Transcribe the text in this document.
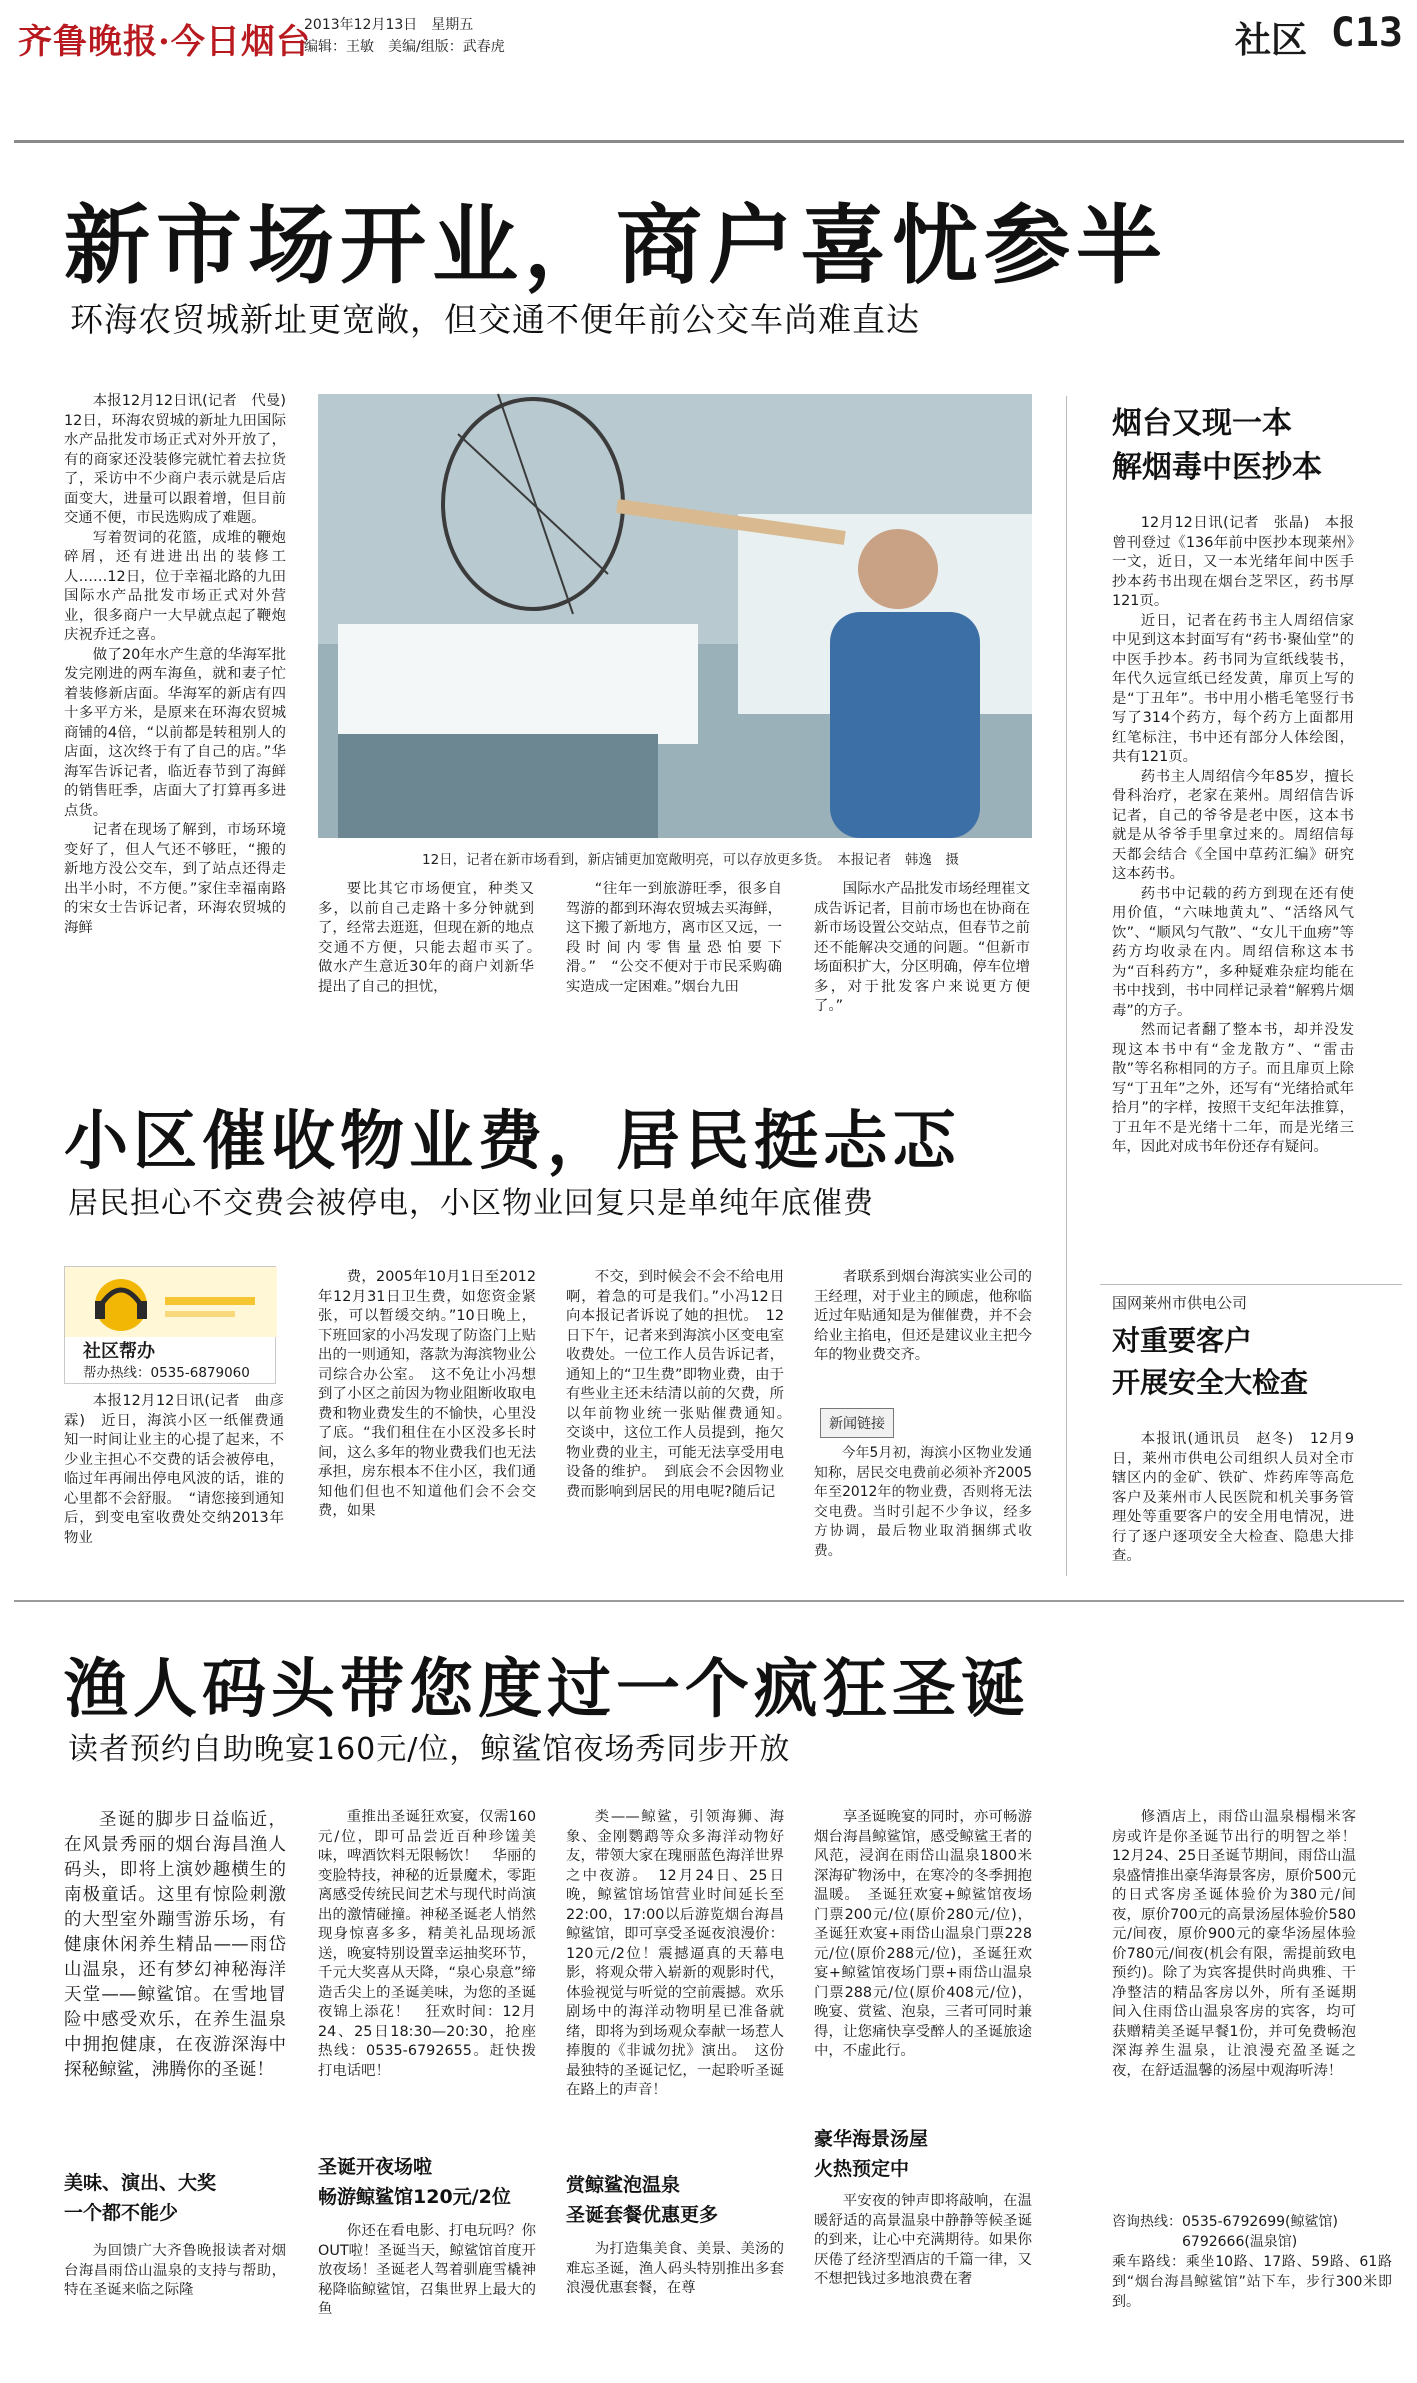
齐鲁晚报·今日烟台
2013年12月13日　星期五
编辑：王敏　美编/组版：武春虎	社区 C13
新市场开业，商户喜忧参半
环海农贸城新址更宽敞，但交通不便年前公交车尚难直达

本报12月12日讯(记者　代曼)　12日，环海农贸城的新址九田国际水产品批发市场正式对外开放了，有的商家还没装修完就忙着去拉货了，采访中不少商户表示就是后店面变大，进量可以跟着增，但目前交通不便，市民选购成了难题。

写着贺词的花篮，成堆的鞭炮碎屑，还有进进出出的装修工人……12日，位于幸福北路的九田国际水产品批发市场正式对外营业，很多商户一大早就点起了鞭炮庆祝乔迁之喜。

做了20年水产生意的华海军批发完刚进的两车海鱼，就和妻子忙着装修新店面。华海军的新店有四十多平方米，是原来在环海农贸城商铺的4倍，“以前都是转租别人的店面，这次终于有了自己的店。”华海军告诉记者，临近春节到了海鲜的销售旺季，店面大了打算再多进点货。

记者在现场了解到，市场环境变好了，但人气还不够旺，“搬的新地方没公交车，到了站点还得走出半小时，不方便。”家住幸福南路的宋女士告诉记者，环海农贸城的海鲜

12日，记者在新市场看到，新店铺更加宽敞明亮，可以存放更多货。　本报记者　韩逸　摄

要比其它市场便宜，种类又多，以前自己走路十多分钟就到了，经常去逛逛，但现在新的地点交通不方便，只能去超市买了。　做水产生意近30年的商户刘新华提出了自己的担忧，

“往年一到旅游旺季，很多自驾游的都到环海农贸城去买海鲜，这下搬了新地方，离市区又远，一段时间内零售量恐怕要下滑。”　“公交不便对于市民采购确实造成一定困难。”烟台九田

国际水产品批发市场经理崔文成告诉记者，目前市场也在协商在新市场设置公交站点，但春节之前还不能解决交通的问题。“但新市场面积扩大，分区明确，停车位增多，对于批发客户来说更方便了。”

烟台又现一本
解烟毒中医抄本

12月12日讯(记者　张晶)　本报曾刊登过《136年前中医抄本现莱州》一文，近日，又一本光绪年间中医手抄本药书出现在烟台芝罘区，药书厚121页。

近日，记者在药书主人周绍信家中见到这本封面写有“药书·聚仙堂”的中医手抄本。药书同为宣纸线装书，年代久远宣纸已经发黄，扉页上写的是“丁丑年”。书中用小楷毛笔竖行书写了314个药方，每个药方上面都用红笔标注，书中还有部分人体绘图，共有121页。

药书主人周绍信今年85岁，擅长骨科治疗，老家在莱州。周绍信告诉记者，自己的爷爷是老中医，这本书就是从爷爷手里拿过来的。周绍信每天都会结合《全国中草药汇编》研究这本药书。

药书中记载的药方到现在还有使用价值，“六味地黄丸”、“活络风气饮”、“顺风匀气散”、“女儿干血痨”等药方均收录在内。周绍信称这本书为“百科药方”，多种疑难杂症均能在书中找到，书中同样记录着“解鸦片烟毒”的方子。

然而记者翻了整本书，却并没发现这本书中有“金龙散方”、“雷击散”等名称相同的方子。而且扉页上除写“丁丑年”之外，还写有“光绪拾贰年拾月”的字样，按照干支纪年法推算，丁丑年不是光绪十二年，而是光绪三年，因此对成书年份还存有疑问。

小区催收物业费，居民挺忐忑
居民担心不交费会被停电，小区物业回复只是单纯年底催费
社区帮办
帮办热线：0535-6879060

本报12月12日讯(记者　曲彦霖)　近日，海滨小区一纸催费通知一时间让业主的心提了起来，不少业主担心不交费的话会被停电，临过年再闹出停电风波的话，谁的心里都不会舒服。　“请您接到通知后，到变电室收费处交纳2013年物业

费，2005年10月1日至2012年12月31日卫生费，如您资金紧张，可以暂缓交纳。”10日晚上，下班回家的小冯发现了防盗门上贴出的一则通知，落款为海滨物业公司综合办公室。　这不免让小冯想到了小区之前因为物业阻断收取电费和物业费发生的不愉快，心里没了底。“我们租住在小区没多长时间，这么多年的物业费我们也无法承担，房东根本不住小区，我们通知他们但也不知道他们会不会交费，如果

不交，到时候会不会不给电用啊，着急的可是我们。”小冯12日向本报记者诉说了她的担忧。　12日下午，记者来到海滨小区变电室收费处。一位工作人员告诉记者，通知上的“卫生费”即物业费，由于有些业主还未结清以前的欠费，所以年前物业统一张贴催费通知。　交谈中，这位工作人员提到，拖欠物业费的业主，可能无法享受用电设备的维护。　到底会不会因物业费而影响到居民的用电呢?随后记

者联系到烟台海滨实业公司的王经理，对于业主的顾虑，他称临近过年贴通知是为催催费，并不会给业主掐电，但还是建议业主把今年的物业费交齐。

新闻链接

今年5月初，海滨小区物业发通知称，居民交电费前必须补齐2005年至2012年的物业费，否则将无法交电费。当时引起不少争议，经多方协调，最后物业取消捆绑式收费。

国网莱州市供电公司
对重要客户
开展安全大检查

本报讯(通讯员　赵冬)　12月9日，莱州市供电公司组织人员对全市辖区内的金矿、铁矿、炸药库等高危客户及莱州市人民医院和机关事务管理处等重要客户的安全用电情况，进行了逐户逐项安全大检查、隐患大排查。

渔人码头带您度过一个疯狂圣诞
读者预约自助晚宴160元/位，鲸鲨馆夜场秀同步开放

圣诞的脚步日益临近，在风景秀丽的烟台海昌渔人码头，即将上演妙趣横生的南极童话。这里有惊险刺激的大型室外蹦雪游乐场，有健康休闲养生精品——雨岱山温泉，还有梦幻神秘海洋天堂——鲸鲨馆。在雪地冒险中感受欢乐，在养生温泉中拥抱健康，在夜游深海中探秘鲸鲨，沸腾你的圣诞！

美味、演出、大奖
一个都不能少

为回馈广大齐鲁晚报读者对烟台海昌雨岱山温泉的支持与帮助，特在圣诞来临之际隆

重推出圣诞狂欢宴，仅需160元/位，即可品尝近百种珍馐美味，啤酒饮料无限畅饮！　华丽的变脸特技，神秘的近景魔术，零距离感受传统民间艺术与现代时尚演出的激情碰撞。神秘圣诞老人悄然现身惊喜多多，精美礼品现场派送，晚宴特别设置幸运抽奖环节，千元大奖喜从天降，“泉心泉意”缔造舌尖上的圣诞美味，为您的圣诞夜锦上添花！　狂欢时间：12月24、25日18:30—20:30，抢座热线：0535-6792655。赶快拨打电话吧！

圣诞开夜场啦
畅游鲸鲨馆120元/2位

你还在看电影、打电玩吗？你OUT啦！圣诞当天，鲸鲨馆首度开放夜场！圣诞老人驾着驯鹿雪橇神秘降临鲸鲨馆，召集世界上最大的鱼

类——鲸鲨，引领海狮、海象、金刚鹦鹉等众多海洋动物好友，带领大家在瑰丽蓝色海洋世界之中夜游。　12月24日、25日晚，鲸鲨馆场馆营业时间延长至22:00，17:00以后游览烟台海昌鲸鲨馆，即可享受圣诞夜浪漫价：120元/2位！震撼逼真的天幕电影，将观众带入崭新的观影时代，体验视觉与听觉的空前震撼。欢乐剧场中的海洋动物明星已准备就绪，即将为到场观众奉献一场惹人捧腹的《非诚勿扰》演出。　这份最独特的圣诞记忆，一起聆听圣诞在路上的声音！

赏鲸鲨泡温泉
圣诞套餐优惠更多

为打造集美食、美景、美汤的难忘圣诞，渔人码头特别推出多套浪漫优惠套餐，在尊

享圣诞晚宴的同时，亦可畅游烟台海昌鲸鲨馆，感受鲸鲨王者的风范，浸润在雨岱山温泉1800米深海矿物汤中，在寒冷的冬季拥抱温暖。　圣诞狂欢宴+鲸鲨馆夜场门票200元/位(原价280元/位)，圣诞狂欢宴+雨岱山温泉门票228元/位(原价288元/位)，圣诞狂欢宴+鲸鲨馆夜场门票+雨岱山温泉门票288元/位(原价408元/位)，晚宴、赏鲨、泡泉，三者可同时兼得，让您痛快享受醉人的圣诞旅途中，不虚此行。

豪华海景汤屋
火热预定中

平安夜的钟声即将敲响，在温暖舒适的高景温泉中静静等候圣诞的到来，让心中充满期待。如果你厌倦了经济型酒店的千篇一律，又不想把钱过多地浪费在奢

修酒店上，雨岱山温泉榻榻米客房或许是你圣诞节出行的明智之举！　12月24、25日圣诞节期间，雨岱山温泉盛情推出豪华海景客房，原价500元的日式客房圣诞体验价为380元/间夜，原价700元的高景汤屋体验价580元/间夜，原价900元的豪华汤屋体验价780元/间夜(机会有限，需提前致电预约)。除了为宾客提供时尚典雅、干净整洁的精品客房以外，所有圣诞期间入住雨岱山温泉客房的宾客，均可获赠精美圣诞早餐1份，并可免费畅泡深海养生温泉，让浪漫充盈圣诞之夜，在舒适温馨的汤屋中观海听涛！

咨询热线：0535-6792699(鲸鲨馆)
6792666(温泉馆)
乘车路线：乘坐10路、17路、59路、61路到“烟台海昌鲸鲨馆”站下车，步行300米即到。
